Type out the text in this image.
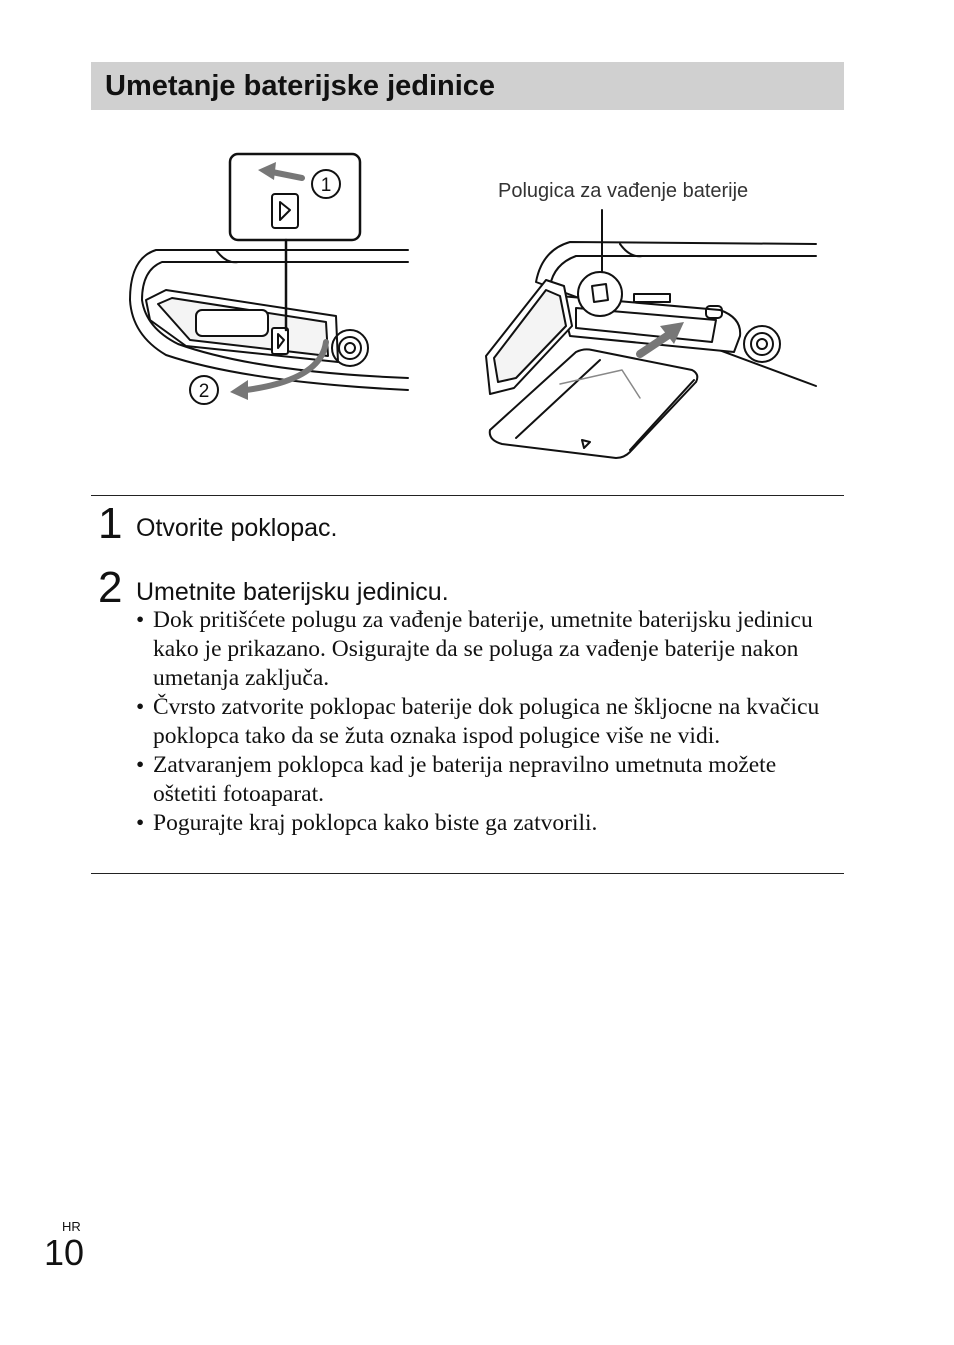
Umetanje baterijske jedinice
1
2
Polugica za vađenje baterije
1 Otvorite poklopac.
2 Umetnite baterijsku jedinicu.
• Dok pritišćete polugu za vađenje baterije, umetnite baterijsku jedinicu kako je prikazano. Osigurajte da se poluga za vađenje baterije nakon umetanja zaključa.
• Čvrsto zatvorite poklopac baterije dok polugica ne škljocne na kvačicu poklopca tako da se žuta oznaka ispod polugice više ne vidi.
• Zatvaranjem poklopca kad je baterija nepravilno umetnuta možete oštetiti fotoaparat.
• Pogurajte kraj poklopca kako biste ga zatvorili.
HR
10
